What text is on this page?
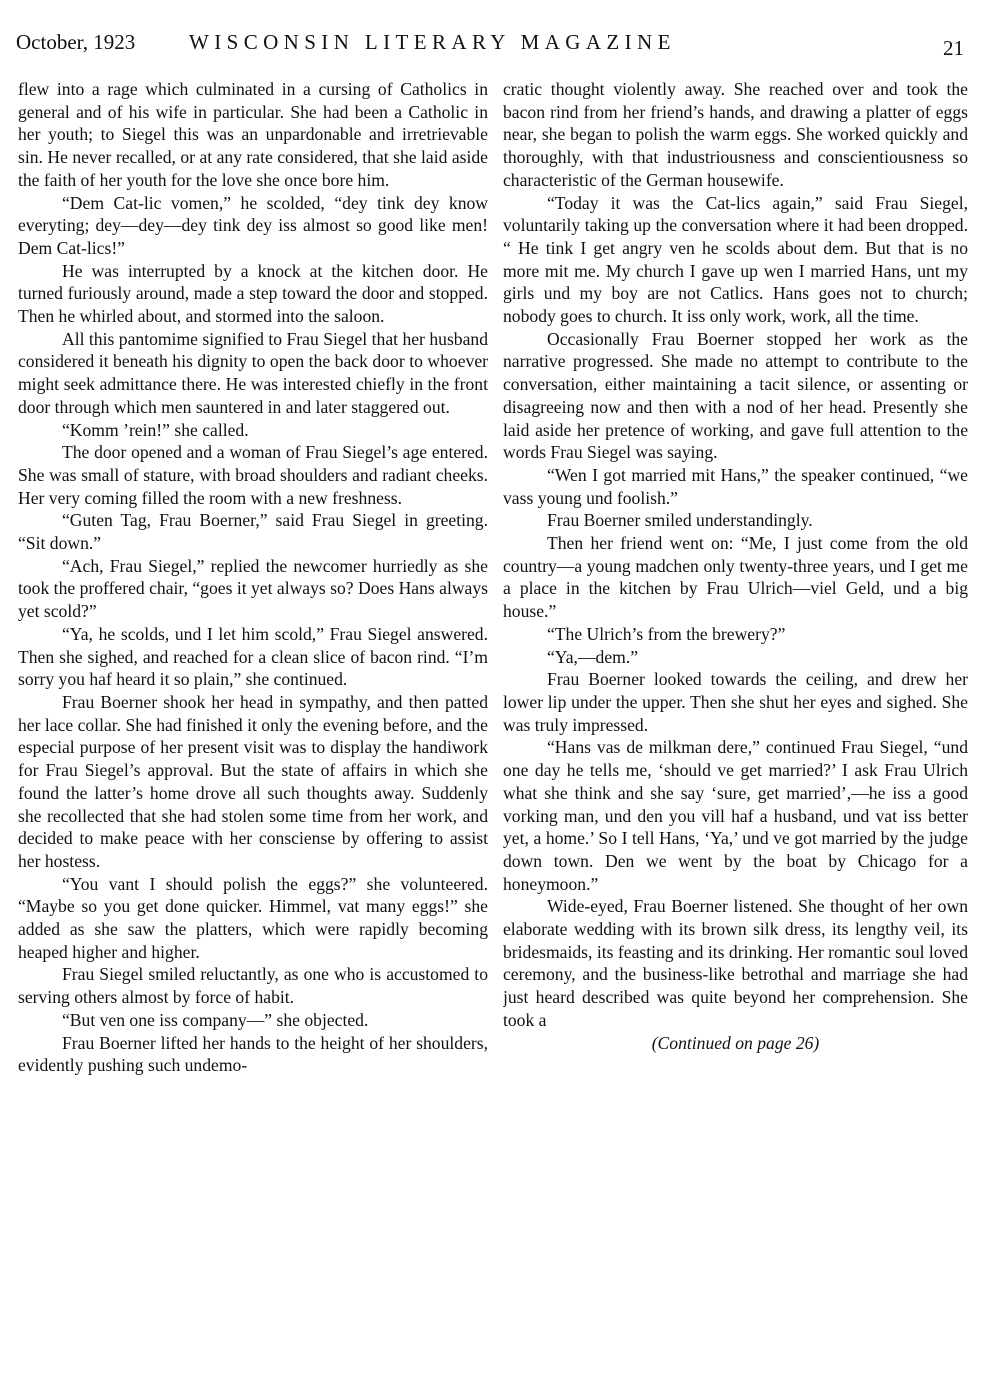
October, 1923	WISCONSIN LITERARY MAGAZINE	21

flew into a rage which culminated in a cursing of Catholics in general and of his wife in particular. She had been a Catholic in her youth; to Siegel this was an unpardonable and irretrievable sin. He never recalled, or at any rate considered, that she laid aside the faith of her youth for the love she once bore him.

“Dem Cat-lic vomen,” he scolded, “dey tink dey know everyting; dey—dey—dey tink dey iss almost so good like men! Dem Cat-lics!”

He was interrupted by a knock at the kitchen door. He turned furiously around, made a step toward the door and stopped. Then he whirled about, and stormed into the saloon.

All this pantomime signified to Frau Siegel that her husband considered it beneath his dignity to open the back door to whoever might seek admittance there. He was interested chiefly in the front door through which men sauntered in and later staggered out.

“Komm ’rein!” she called.

The door opened and a woman of Frau Siegel’s age entered. She was small of stature, with broad shoulders and radiant cheeks. Her very coming filled the room with a new freshness.

“Guten Tag, Frau Boerner,” said Frau Siegel in greeting. “Sit down.”

“Ach, Frau Siegel,” replied the newcomer hurriedly as she took the proffered chair, “goes it yet always so? Does Hans always yet scold?”

“Ya, he scolds, und I let him scold,” Frau Siegel answered. Then she sighed, and reached for a clean slice of bacon rind. “I’m sorry you haf heard it so plain,” she continued.

Frau Boerner shook her head in sympathy, and then patted her lace collar. She had finished it only the evening before, and the especial purpose of her present visit was to display the handiwork for Frau Siegel’s approval. But the state of affairs in which she found the latter’s home drove all such thoughts away. Suddenly she recollected that she had stolen some time from her work, and decided to make peace with her consciense by offering to assist her hostess.

“You vant I should polish the eggs?” she volunteered. “Maybe so you get done quicker. Himmel, vat many eggs!” she added as she saw the platters, which were rapidly becoming heaped higher and higher.

Frau Siegel smiled reluctantly, as one who is accustomed to serving others almost by force of habit.

“But ven one iss company—” she objected.

Frau Boerner lifted her hands to the height of her shoulders, evidently pushing such undemo-

cratic thought violently away. She reached over and took the bacon rind from her friend’s hands, and drawing a platter of eggs near, she began to polish the warm eggs. She worked quickly and thoroughly, with that industriousness and conscientiousness so characteristic of the German housewife.

“Today it was the Cat-lics again,” said Frau Siegel, voluntarily taking up the conversation where it had been dropped. “ He tink I get angry ven he scolds about dem. But that is no more mit me. My church I gave up wen I married Hans, unt my girls und my boy are not Catlics. Hans goes not to church; nobody goes to church. It iss only work, work, all the time.

Occasionally Frau Boerner stopped her work as the narrative progressed. She made no attempt to contribute to the conversation, either maintaining a tacit silence, or assenting or disagreeing now and then with a nod of her head. Presently she laid aside her pretence of working, and gave full attention to the words Frau Siegel was saying.

“Wen I got married mit Hans,” the speaker continued, “we vass young und foolish.”

Frau Boerner smiled understandingly.

Then her friend went on: “Me, I just come from the old country—a young madchen only twenty-three years, und I get me a place in the kitchen by Frau Ulrich—viel Geld, und a big house.”

“The Ulrich’s from the brewery?”

“Ya,—dem.”

Frau Boerner looked towards the ceiling, and drew her lower lip under the upper. Then she shut her eyes and sighed. She was truly impressed.

“Hans vas de milkman dere,” continued Frau Siegel, “und one day he tells me, ‘should ve get married?’ I ask Frau Ulrich what she think and she say ‘sure, get married’,—he iss a good vorking man, und den you vill haf a husband, und vat iss better yet, a home.’ So I tell Hans, ‘Ya,’ und ve got married by the judge down town. Den we went by the boat by Chicago for a honeymoon.”

Wide-eyed, Frau Boerner listened. She thought of her own elaborate wedding with its brown silk dress, its lengthy veil, its bridesmaids, its feasting and its drinking. Her romantic soul loved ceremony, and the business-like betrothal and marriage she had just heard described was quite beyond her comprehension. She took a

(Continued on page 26)
